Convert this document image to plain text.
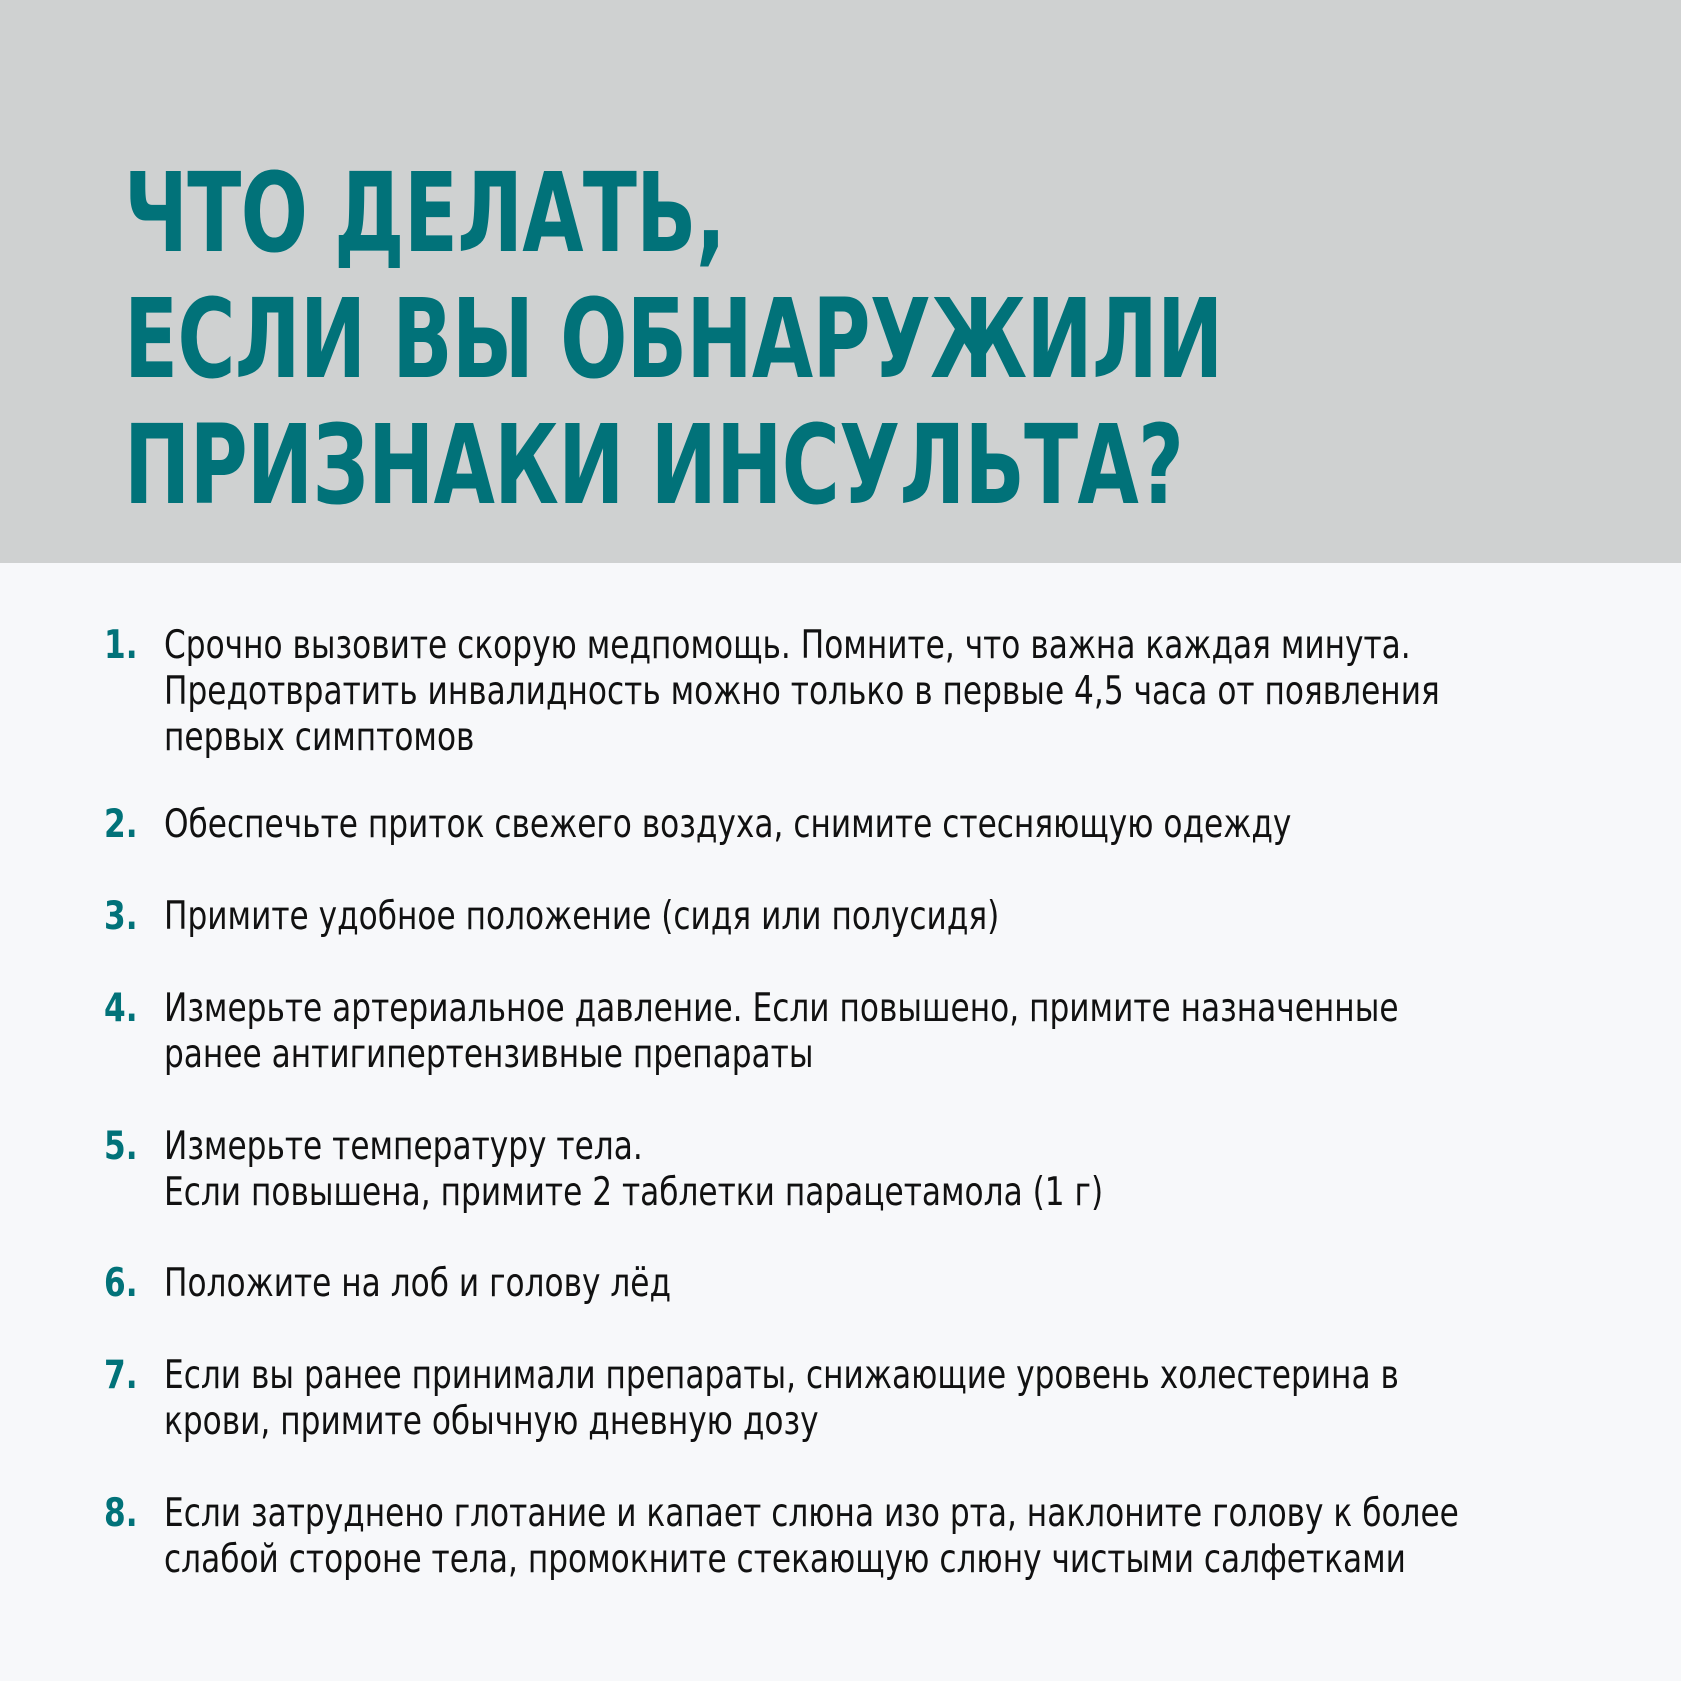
ЧТО ДЕЛАТЬ,
ЕСЛИ ВЫ ОБНАРУЖИЛИ
ПРИЗНАКИ ИНСУЛЬТА?
1. Срочно вызовите скорую медпомощь. Помните, что важна каждая минута.
Предотвратить инвалидность можно только в первые 4,5 часа от появления
первых симптомов
2. Обеспечьте приток свежего воздуха, снимите стесняющую одежду
3. Примите удобное положение (сидя или полусидя)
4. Измерьте артериальное давление. Если повышено, примите назначенные
ранее антигипертензивные препараты
5. Измерьте температуру тела.
Если повышена, примите 2 таблетки парацетамола (1 г)
6. Положите на лоб и голову лёд
7. Если вы ранее принимали препараты, снижающие уровень холестерина в
крови, примите обычную дневную дозу
8. Если затруднено глотание и капает слюна изо рта, наклоните голову к более
слабой стороне тела, промокните стекающую слюну чистыми салфетками
